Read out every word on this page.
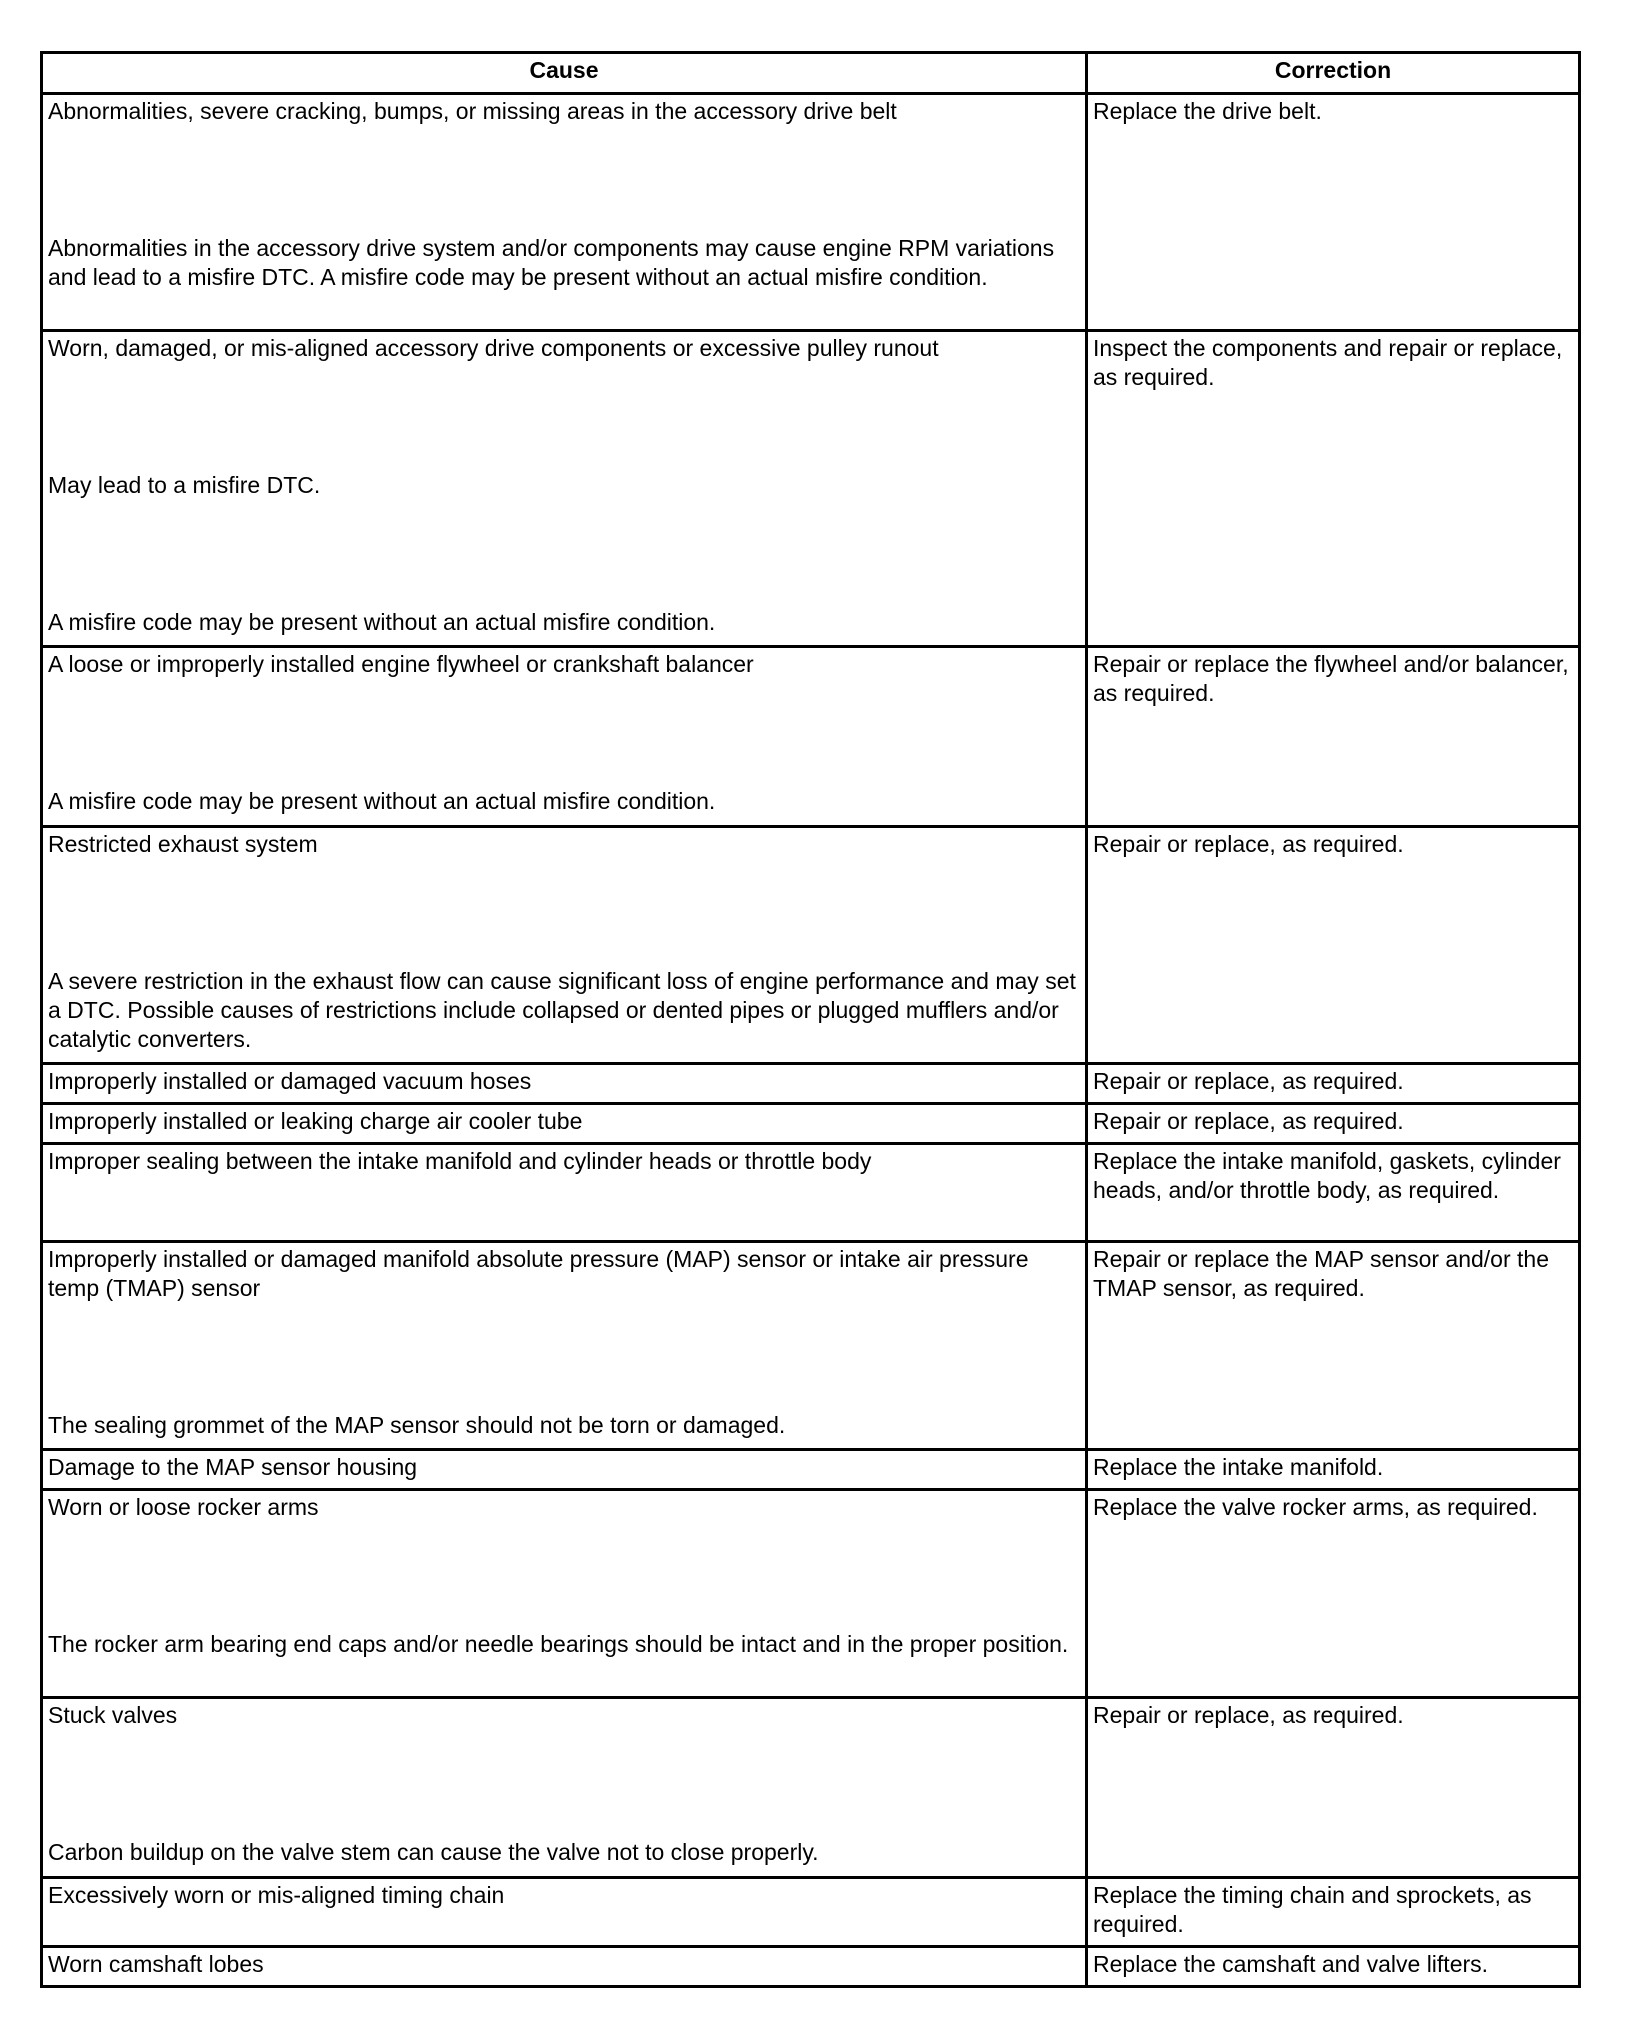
Cause	Correction

Abnormalities, severe cracking, bumps, or missing areas in the accessory drive belt
Abnormalities in the accessory drive system and/or components may cause engine RPM variations and lead to a misfire DTC. A misfire code may be present without an actual misfire condition.	Replace the drive belt.

Worn, damaged, or mis-aligned accessory drive components or excessive pulley runout
May lead to a misfire DTC.
A misfire code may be present without an actual misfire condition.	Inspect the components and repair or replace, as required.

A loose or improperly installed engine flywheel or crankshaft balancer
A misfire code may be present without an actual misfire condition.	Repair or replace the flywheel and/or balancer, as required.

Restricted exhaust system
A severe restriction in the exhaust flow can cause significant loss of engine performance and may set a DTC. Possible causes of restrictions include collapsed or dented pipes or plugged mufflers and/or catalytic converters.	Repair or replace, as required.
Improperly installed or damaged vacuum hoses	Repair or replace, as required.
Improperly installed or leaking charge air cooler tube	Repair or replace, as required.
Improper sealing between the intake manifold and cylinder heads or throttle body	Replace the intake manifold, gaskets, cylinder heads, and/or throttle body, as required.

Improperly installed or damaged manifold absolute pressure (MAP) sensor or intake air pressure temp (TMAP) sensor
The sealing grommet of the MAP sensor should not be torn or damaged.	Repair or replace the MAP sensor and/or the TMAP sensor, as required.
Damage to the MAP sensor housing	Replace the intake manifold.

Worn or loose rocker arms
The rocker arm bearing end caps and/or needle bearings should be intact and in the proper position.	Replace the valve rocker arms, as required.

Stuck valves
Carbon buildup on the valve stem can cause the valve not to close properly.	Repair or replace, as required.
Excessively worn or mis-aligned timing chain	Replace the timing chain and sprockets, as required.
Worn camshaft lobes	Replace the camshaft and valve lifters.
